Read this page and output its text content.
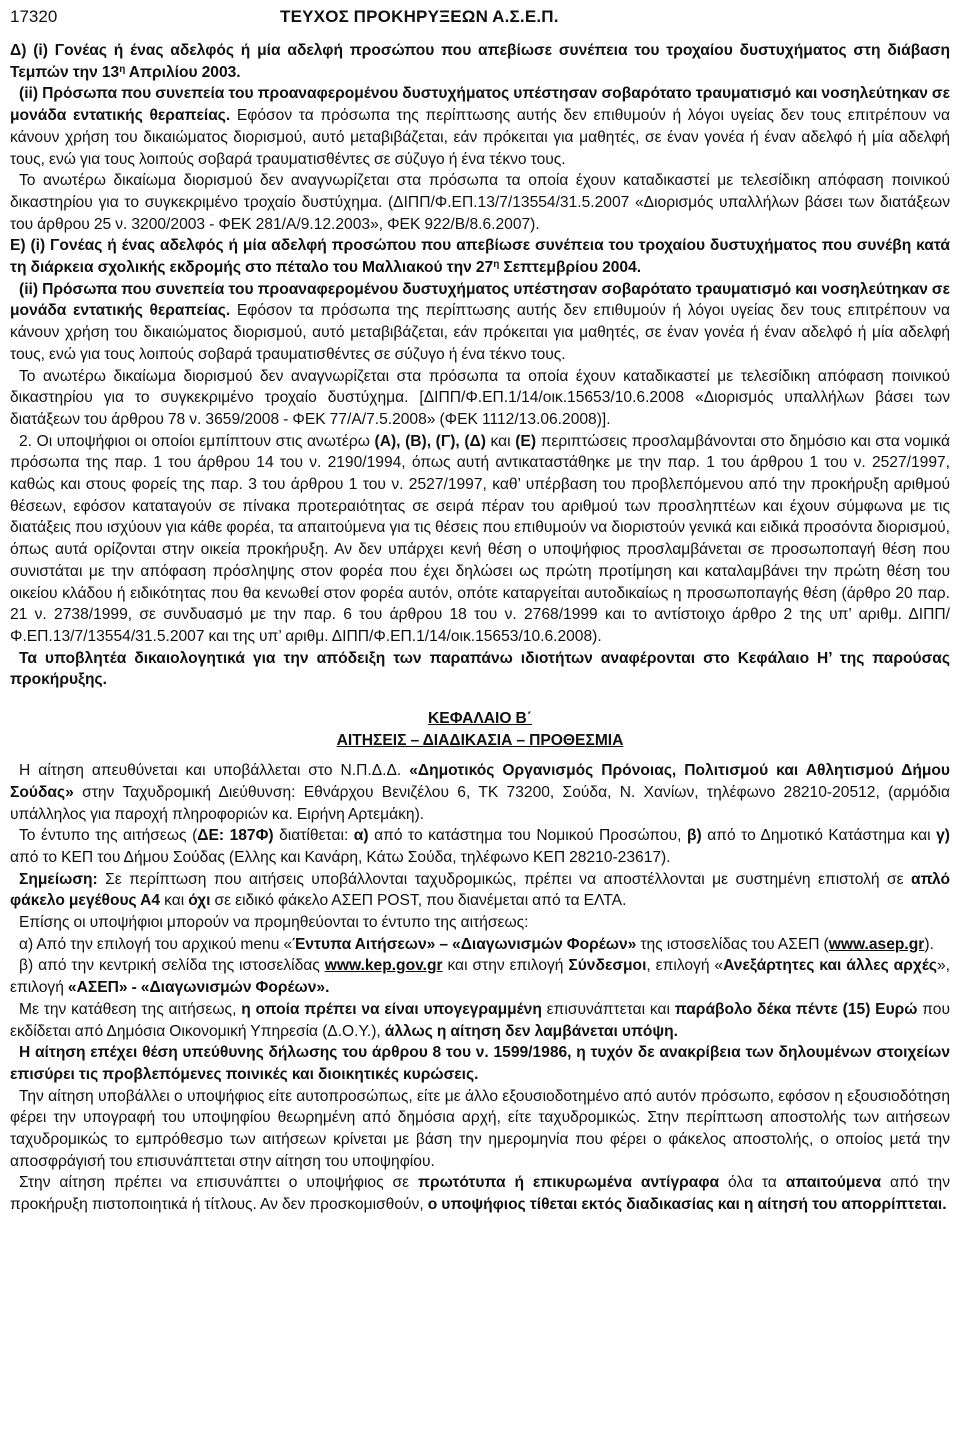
17320	ΤΕΥΧΟΣ ΠΡΟΚΗΡΥΞΕΩΝ Α.Σ.Ε.Π.

Δ) (i) Γονέας ή ένας αδελφός ή μία αδελφή προσώπου που απεβίωσε συνέπεια του τροχαίου δυστυχήματος στη διάβαση Τεμπών την $13^\eta$ Απριλίου 2003.

(ii) Πρόσωπα που συνεπεία του προαναφερομένου δυστυχήματος υπέστησαν σοβαρότατο τραυματισμό και νοσηλεύτηκαν σε μονάδα εντατικής θεραπείας. Εφόσον τα πρόσωπα της περίπτωσης αυτής δεν επιθυμούν ή λόγοι υγείας δεν τους επιτρέπουν να κάνουν χρήση του δικαιώματος διορισμού, αυτό μεταβιβάζεται, εάν πρόκειται για μαθητές, σε έναν γονέα ή έναν αδελφό ή μία αδελφή τους, ενώ για τους λοιπούς σοβαρά τραυματισθέντες σε σύζυγο ή ένα τέκνο τους.

Το ανωτέρω δικαίωμα διορισμού δεν αναγνωρίζεται στα πρόσωπα τα οποία έχουν καταδικαστεί με τελεσίδικη απόφαση ποινικού δικαστηρίου για το συγκεκριμένο τροχαίο δυστύχημα. (ΔΙΠΠ/Φ.ΕΠ.13/7/13554/31.5.2007 «Διορισμός υπαλλήλων βάσει των διατάξεων του άρθρου 25 ν. 3200/2003 - ΦΕΚ 281/Α/9.12.2003», ΦΕΚ 922/Β/8.6.2007).

Ε) (i) Γονέας ή ένας αδελφός ή μία αδελφή προσώπου που απεβίωσε συνέπεια του τροχαίου δυστυχήματος που συνέβη κατά τη διάρκεια σχολικής εκδρομής στο πέταλο του Μαλλιακού την $27^\eta$ Σεπτεμβρίου 2004.

(ii) Πρόσωπα που συνεπεία του προαναφερομένου δυστυχήματος υπέστησαν σοβαρότατο τραυματισμό και νοσηλεύτηκαν σε μονάδα εντατικής θεραπείας. Εφόσον τα πρόσωπα της περίπτωσης αυτής δεν επιθυμούν ή λόγοι υγείας δεν τους επιτρέπουν να κάνουν χρήση του δικαιώματος διορισμού, αυτό μεταβιβάζεται, εάν πρόκειται για μαθητές, σε έναν γονέα ή έναν αδελφό ή μία αδελφή τους, ενώ για τους λοιπούς σοβαρά τραυματισθέντες σε σύζυγο ή ένα τέκνο τους.

Το ανωτέρω δικαίωμα διορισμού δεν αναγνωρίζεται στα πρόσωπα τα οποία έχουν καταδικαστεί με τελεσίδικη απόφαση ποινικού δικαστηρίου για το συγκεκριμένο τροχαίο δυστύχημα. [ΔΙΠΠ/Φ.ΕΠ.1/14/οικ.15653/10.6.2008 «Διορισμός υπαλλήλων βάσει των διατάξεων του άρθρου 78 ν. 3659/2008 - ΦΕΚ 77/Α/7.5.2008» (ΦΕΚ 1112/13.06.2008)].

2. Οι υποψήφιοι οι οποίοι εμπίπτουν στις ανωτέρω (Α), (Β), (Γ), (Δ) και (Ε) περιπτώσεις προσλαμβάνονται στο δημόσιο και στα νομικά πρόσωπα της παρ. 1 του άρθρου 14 του ν. 2190/1994, όπως αυτή αντικαταστάθηκε με την παρ. 1 του άρθρου 1 του ν. 2527/1997, καθώς και στους φορείς της παρ. 3 του άρθρου 1 του ν. 2527/1997, καθ’ υπέρβαση του προβλεπόμενου από την προκήρυξη αριθμού θέσεων, εφόσον καταταγούν σε πίνακα προτεραιότητας σε σειρά πέραν του αριθμού των προσληπτέων και έχουν σύμφωνα με τις διατάξεις που ισχύουν για κάθε φορέα, τα απαιτούμενα για τις θέσεις που επιθυμούν να διοριστούν γενικά και ειδικά προσόντα διορισμού, όπως αυτά ορίζονται στην οικεία προκήρυξη. Αν δεν υπάρχει κενή θέση ο υποψήφιος προσλαμβάνεται σε προσωποπαγή θέση που συνιστάται με την απόφαση πρόσληψης στον φορέα που έχει δηλώσει ως πρώτη προτίμηση και καταλαμβάνει την πρώτη θέση του οικείου κλάδου ή ειδικότητας που θα κενωθεί στον φορέα αυτόν, οπότε καταργείται αυτοδικαίως η προσωποπαγής θέση (άρθρο 20 παρ. 21 ν. 2738/1999, σε συνδυασμό με την παρ. 6 του άρθρου 18 του ν. 2768/1999 και το αντίστοιχο άρθρο 2 της υπ’ αριθμ. ΔΙΠΠ/Φ.ΕΠ.13/7/13554/31.5.2007 και της υπ’ αριθμ. ΔΙΠΠ/Φ.ΕΠ.1/14/οικ.15653/10.6.2008).

Τα υποβλητέα δικαιολογητικά για την απόδειξη των παραπάνω ιδιοτήτων αναφέρονται στο Κεφάλαιο Η’ της παρούσας προκήρυξης.

ΚΕΦΑΛΑΙΟ Β΄
ΑΙΤΗΣΕΙΣ – ΔΙΑΔΙΚΑΣΙΑ – ΠΡΟΘΕΣΜΙΑ

Η αίτηση απευθύνεται και υποβάλλεται στο Ν.Π.Δ.Δ. «Δημοτικός Οργανισμός Πρόνοιας, Πολιτισμού και Αθλητισμού Δήμου Σούδας» στην Ταχυδρομική Διεύθυνση: Εθνάρχου Βενιζέλου 6, ΤΚ 73200, Σούδα, Ν. Χανίων, τηλέφωνο 28210-20512, (αρμόδια υπάλληλος για παροχή πληροφοριών κα. Ειρήνη Αρτεμάκη).

Το έντυπο της αιτήσεως (ΔΕ: 187Φ) διατίθεται: α) από το κατάστημα του Νομικού Προσώπου, β) από το Δημοτικό Κατάστημα και γ) από το ΚΕΠ του Δήμου Σούδας (Ελλης και Κανάρη, Κάτω Σούδα, τηλέφωνο ΚΕΠ 28210-23617).

Σημείωση: Σε περίπτωση που αιτήσεις υποβάλλονται ταχυδρομικώς, πρέπει να αποστέλλονται με συστημένη επιστολή σε απλό φάκελο μεγέθους Α4 και όχι σε ειδικό φάκελο ΑΣΕΠ POST, που διανέμεται από τα ΕΛΤΑ.

Επίσης οι υποψήφιοι μπορούν να προμηθεύονται το έντυπο της αιτήσεως:

α) Από την επιλογή του αρχικού menu «Έντυπα Αιτήσεων» – «Διαγωνισμών Φορέων» της ιστοσελίδας του ΑΣΕΠ (www.asep.gr).

β) από την κεντρική σελίδα της ιστοσελίδας www.kep.gov.gr και στην επιλογή Σύνδεσμοι, επιλογή «Ανεξάρτητες και άλλες αρχές», επιλογή «ΑΣΕΠ» - «Διαγωνισμών Φορέων».

Με την κατάθεση της αιτήσεως, η οποία πρέπει να είναι υπογεγραμμένη επισυνάπτεται και παράβολο δέκα πέντε (15) Ευρώ που εκδίδεται από Δημόσια Οικονομική Υπηρεσία (Δ.Ο.Υ.), άλλως η αίτηση δεν λαμβάνεται υπόψη.

Η αίτηση επέχει θέση υπεύθυνης δήλωσης του άρθρου 8 του ν. 1599/1986, η τυχόν δε ανακρίβεια των δηλουμένων στοιχείων επισύρει τις προβλεπόμενες ποινικές και διοικητικές κυρώσεις.

Την αίτηση υποβάλλει ο υποψήφιος είτε αυτοπροσώπως, είτε με άλλο εξουσιοδοτημένο από αυτόν πρόσωπο, εφόσον η εξουσιοδότηση φέρει την υπογραφή του υποψηφίου θεωρημένη από δημόσια αρχή, είτε ταχυδρομικώς. Στην περίπτωση αποστολής των αιτήσεων ταχυδρομικώς το εμπρόθεσμο των αιτήσεων κρίνεται με βάση την ημερομηνία που φέρει ο φάκελος αποστολής, ο οποίος μετά την αποσφράγισή του επισυνάπτεται στην αίτηση του υποψηφίου.

Στην αίτηση πρέπει να επισυνάπτει ο υποψήφιος σε πρωτότυπα ή επικυρωμένα αντίγραφα όλα τα απαιτούμενα από την προκήρυξη πιστοποιητικά ή τίτλους. Αν δεν προσκομισθούν, ο υποψήφιος τίθεται εκτός διαδικασίας και η αίτησή του απορρίπτεται.
